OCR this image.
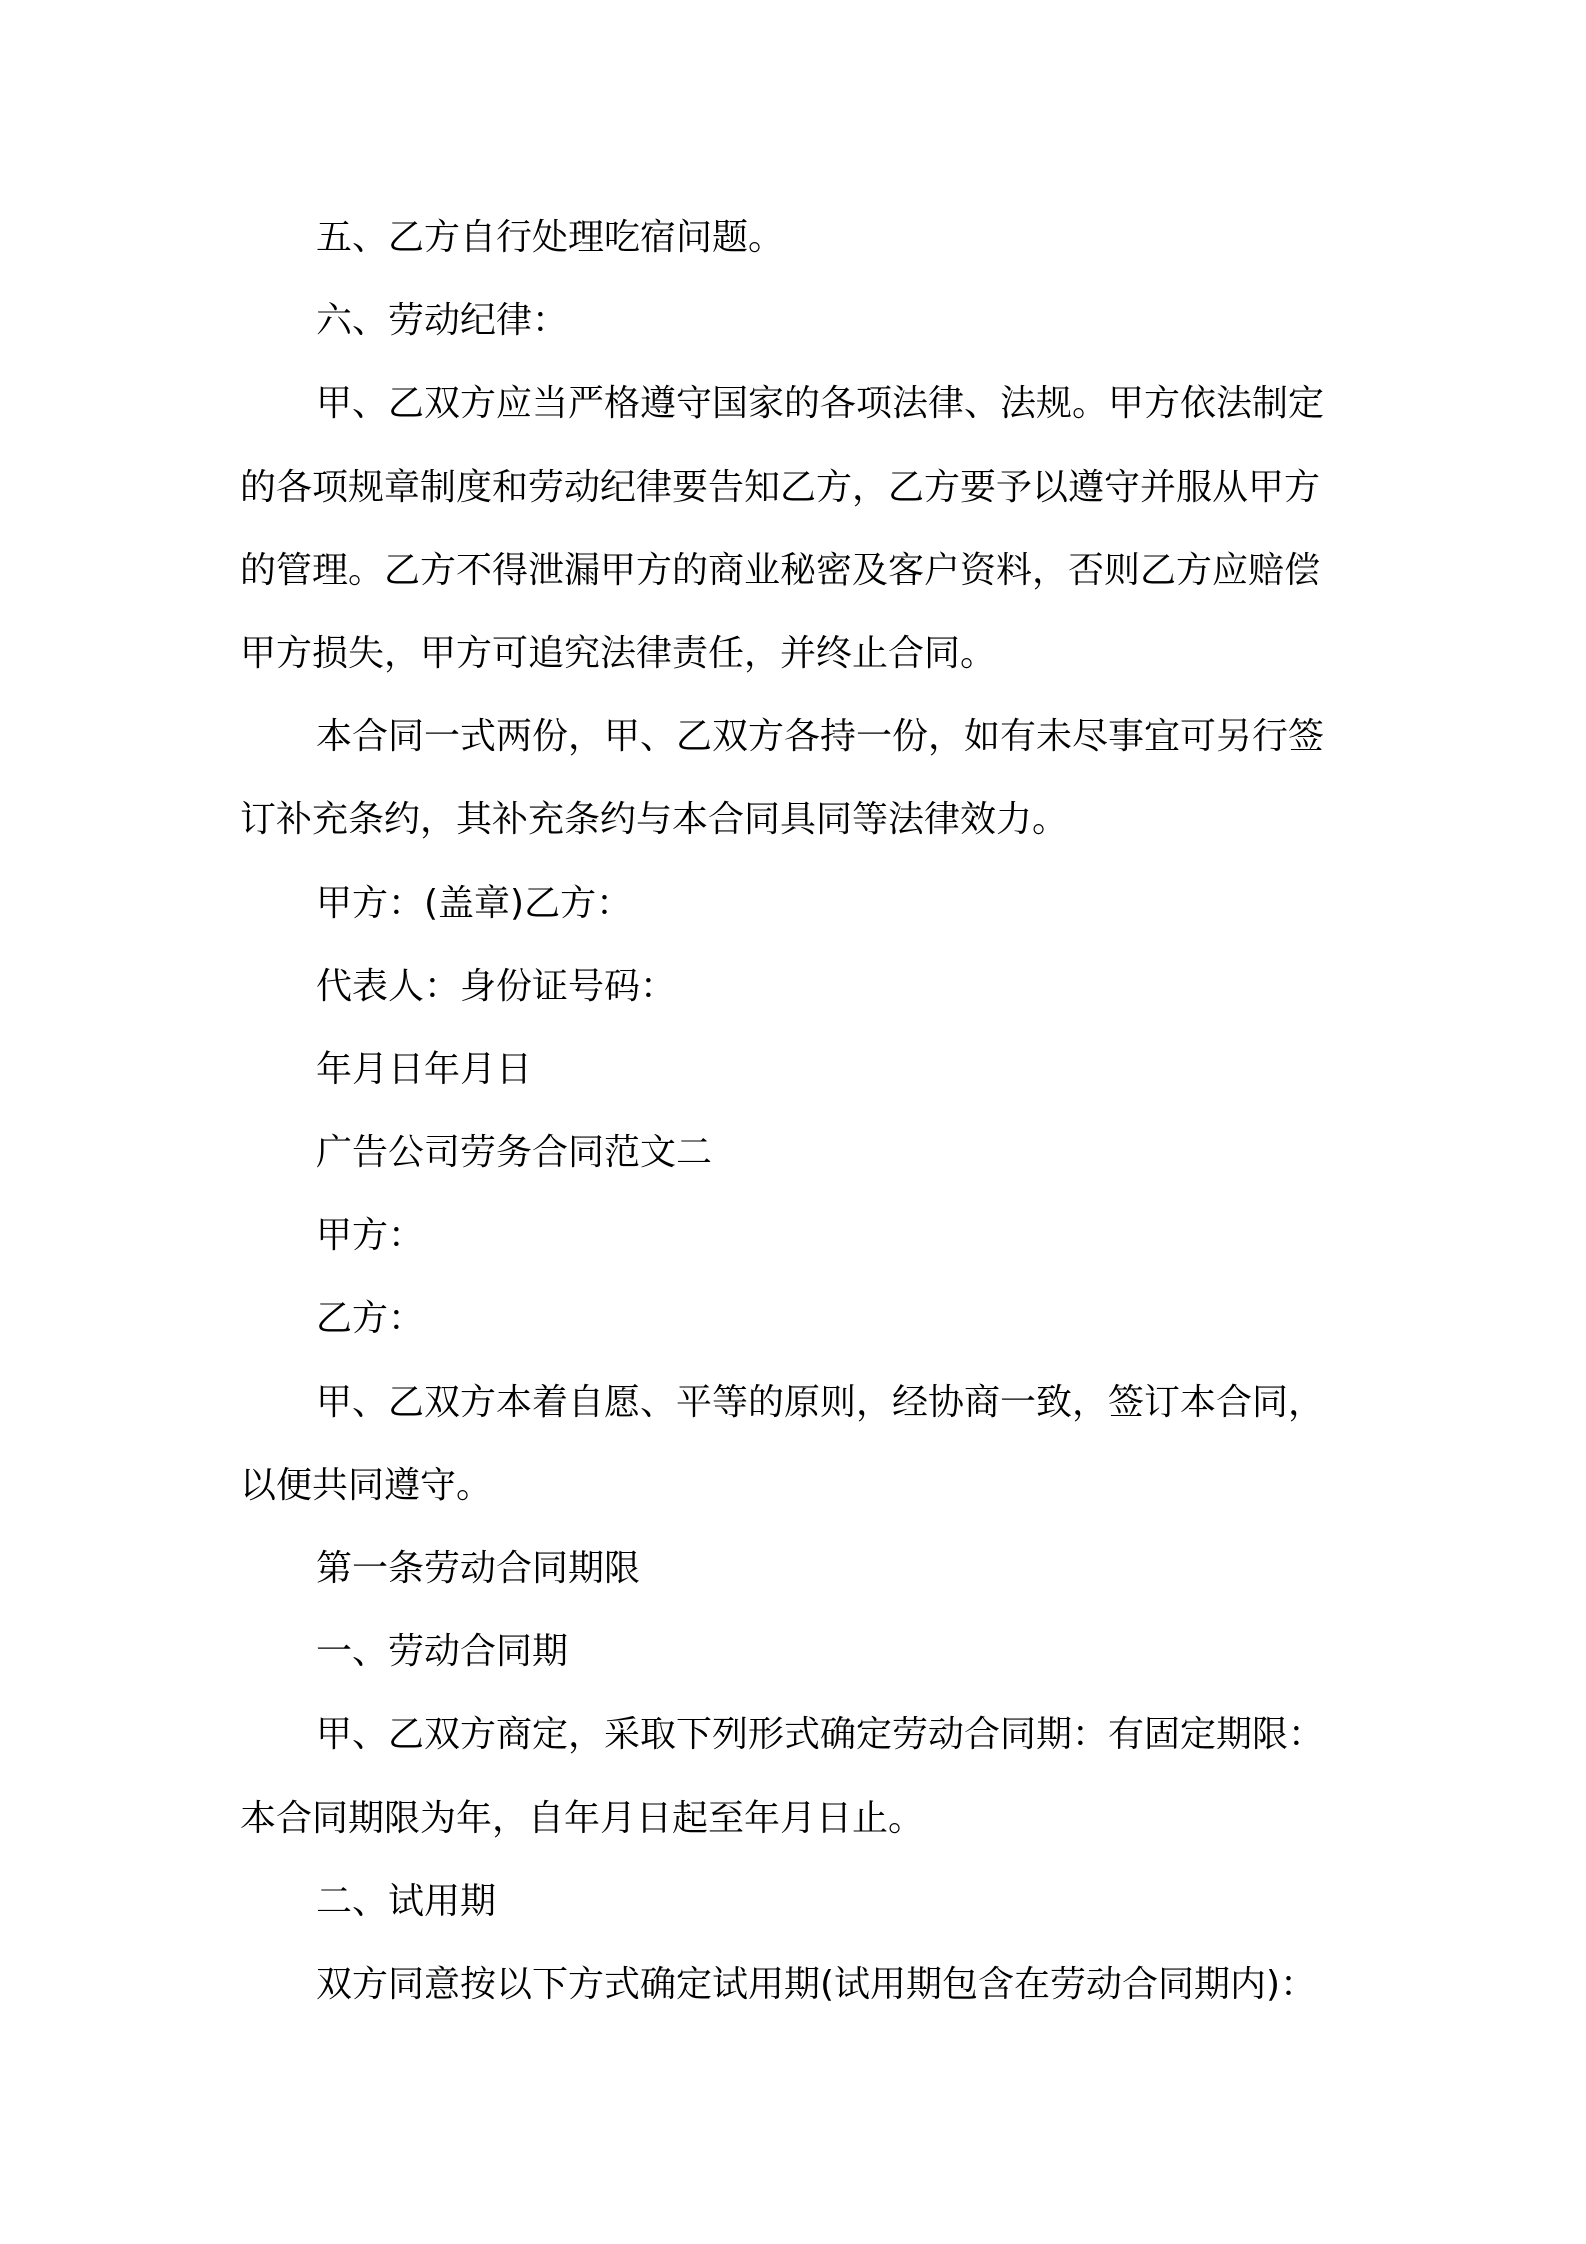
五、乙方自行处理吃宿问题。
六、劳动纪律：
甲、乙双方应当严格遵守国家的各项法律、法规。甲方依法制定
的各项规章制度和劳动纪律要告知乙方，乙方要予以遵守并服从甲方
的管理。乙方不得泄漏甲方的商业秘密及客户资料，否则乙方应赔偿
甲方损失，甲方可追究法律责任，并终止合同。
本合同一式两份，甲、乙双方各持一份，如有未尽事宜可另行签
订补充条约，其补充条约与本合同具同等法律效力。
甲方：(盖章)乙方：
代表人：身份证号码：
年月日年月日
广告公司劳务合同范文二
甲方：
乙方：
甲、乙双方本着自愿、平等的原则，经协商一致，签订本合同，
以便共同遵守。
第一条劳动合同期限
一、劳动合同期
甲、乙双方商定，采取下列形式确定劳动合同期：有固定期限：
本合同期限为年，自年月日起至年月日止。
二、试用期
双方同意按以下方式确定试用期(试用期包含在劳动合同期内)：
